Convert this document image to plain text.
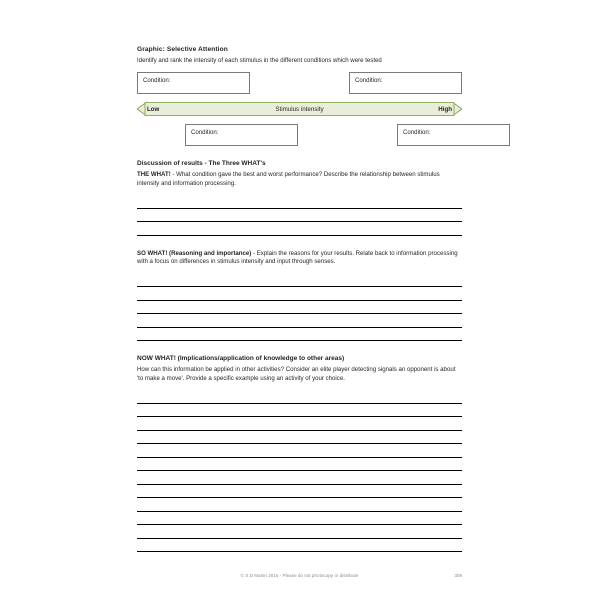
Graphic: Selective Attention
Identify and rank the intensity of each stimulus in the different conditions which were tested
Condition:	Condition:
Stimulus intensity
Low	High
Condition:	Condition:
Discussion of results - The Three WHAT's
THE WHAT! - What condition gave the best and worst performance? Describe the relationship between stimulus intensity and information processing.
SO WHAT! (Reasoning and importance) - Explain the reasons for your results. Relate back to information processing with a focus on differences in stimulus intensity and input through senses.
NOW WHAT! (Implications/application of knowledge to other areas)
How can this information be applied in other activities? Consider an elite player detecting signals an opponent is about 'to make a move'. Provide a specific example using an activity of your choice.
© S D Martin 2016 - Please do not photocopy or distribute	309
